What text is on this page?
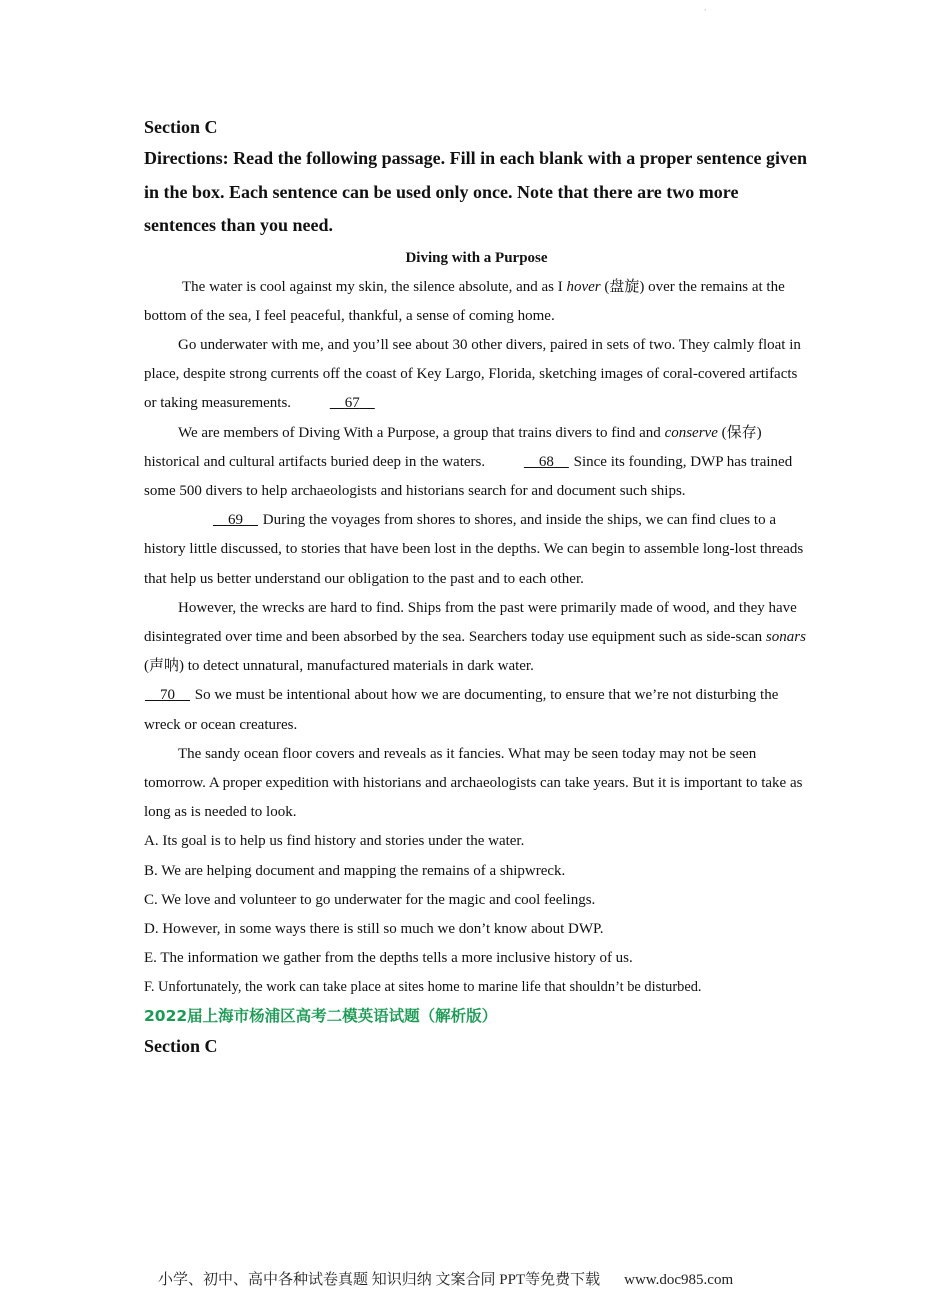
`

Section C

Directions: Read the following passage. Fill in each blank with a proper sentence given in the box. Each sentence can be used only once. Note that there are two more sentences than you need.

Diving with a Purpose

The water is cool against my skin, the silence absolute, and as I hover (盘旋) over the remains at the bottom of the sea, I feel peaceful, thankful, a sense of coming home.

Go underwater with me, and you’ll see about 30 other divers, paired in sets of two. They calmly float in place, despite strong currents off the coast of Key Largo, Florida, sketching images of coral-covered artifacts or taking measurements.	67

We are members of Diving With a Purpose, a group that trains divers to find and conserve (保存) historical and cultural artifacts buried deep in the waters.	68     Since its founding, DWP has trained some 500 divers to help archaeologists and historians search for and document such ships.

69     During the voyages from shores to shores, and inside the ships, we can find clues to a history little discussed, to stories that have been lost in the depths. We can begin to assemble long-lost threads that help us better understand our obligation to the past and to each other.

However, the wrecks are hard to find. Ships from the past were primarily made of wood, and they have disintegrated over time and been absorbed by the sea. Searchers today use equipment such as side-scan sonars (声呐) to detect unnatural, manufactured materials in dark water.
70     So we must be intentional about how we are documenting, to ensure that we’re not disturbing the wreck or ocean creatures.

The sandy ocean floor covers and reveals as it fancies. What may be seen today may not be seen tomorrow. A proper expedition with historians and archaeologists can take years. But it is important to take as long as is needed to look.

A. Its goal is to help us find history and stories under the water.
B. We are helping document and mapping the remains of a shipwreck.
C. We love and volunteer to go underwater for the magic and cool feelings.
D. However, in some ways there is still so much we don’t know about DWP.
E. The information we gather from the depths tells a more inclusive history of us.
F. Unfortunately, the work can take place at sites home to marine life that shouldn’t be disturbed.

2022届上海市杨浦区高考二模英语试题（解析版）

Section C

小学、初中、高中各种试卷真题 知识归纳 文案合同 PPT等免费下载 www.doc985.com
